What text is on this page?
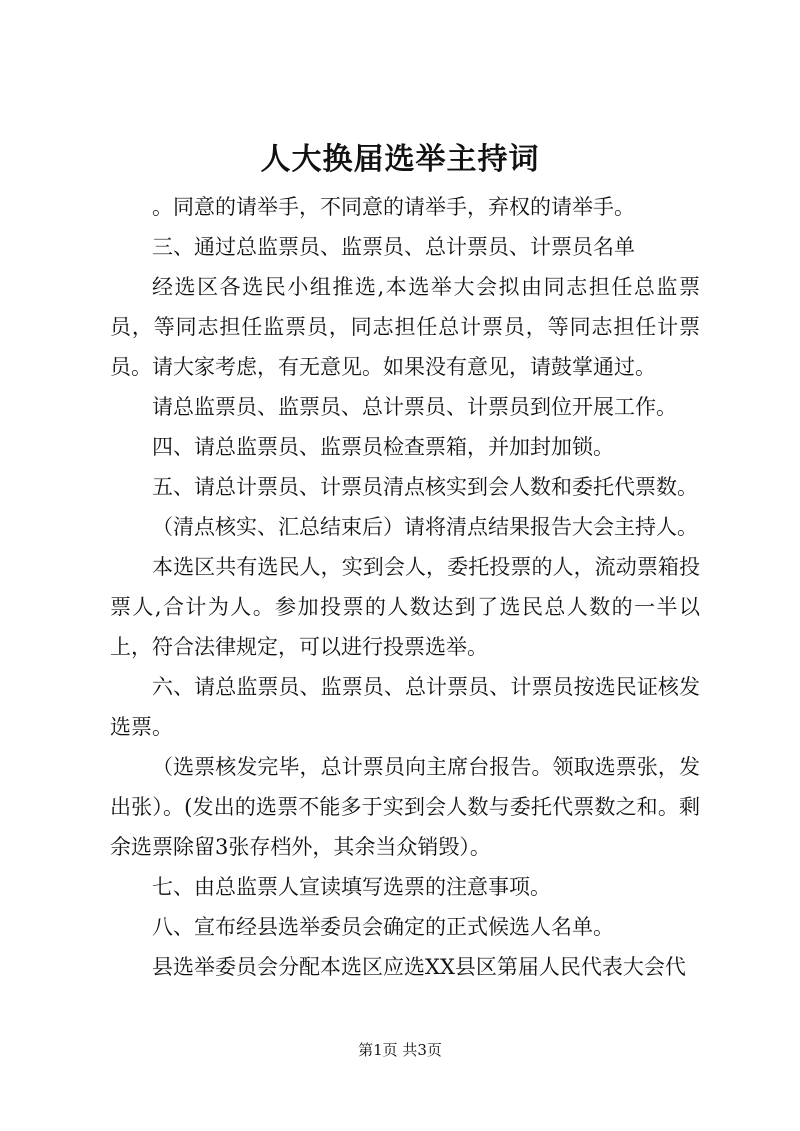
人大换届选举主持词

。同意的请举手，不同意的请举手，弃权的请举手。

三、通过总监票员、监票员、总计票员、计票员名单

经选区各选民小组推选,本选举大会拟由同志担任总监票员，等同志担任监票员，同志担任总计票员，等同志担任计票员。请大家考虑，有无意见。如果没有意见，请鼓掌通过。

请总监票员、监票员、总计票员、计票员到位开展工作。

四、请总监票员、监票员检查票箱，并加封加锁。

五、请总计票员、计票员清点核实到会人数和委托代票数。

（清点核实、汇总结束后）请将清点结果报告大会主持人。

本选区共有选民人，实到会人，委托投票的人，流动票箱投票人,合计为人。参加投票的人数达到了选民总人数的一半以上，符合法律规定，可以进行投票选举。

六、请总监票员、监票员、总计票员、计票员按选民证核发选票。

（选票核发完毕，总计票员向主席台报告。领取选票张，发出张）。(发出的选票不能多于实到会人数与委托代票数之和。剩余选票除留3张存档外，其余当众销毁）。

七、由总监票人宣读填写选票的注意事项。

八、宣布经县选举委员会确定的正式候选人名单。

县选举委员会分配本选区应选XX县区第届人民代表大会代

第1页 共3页
